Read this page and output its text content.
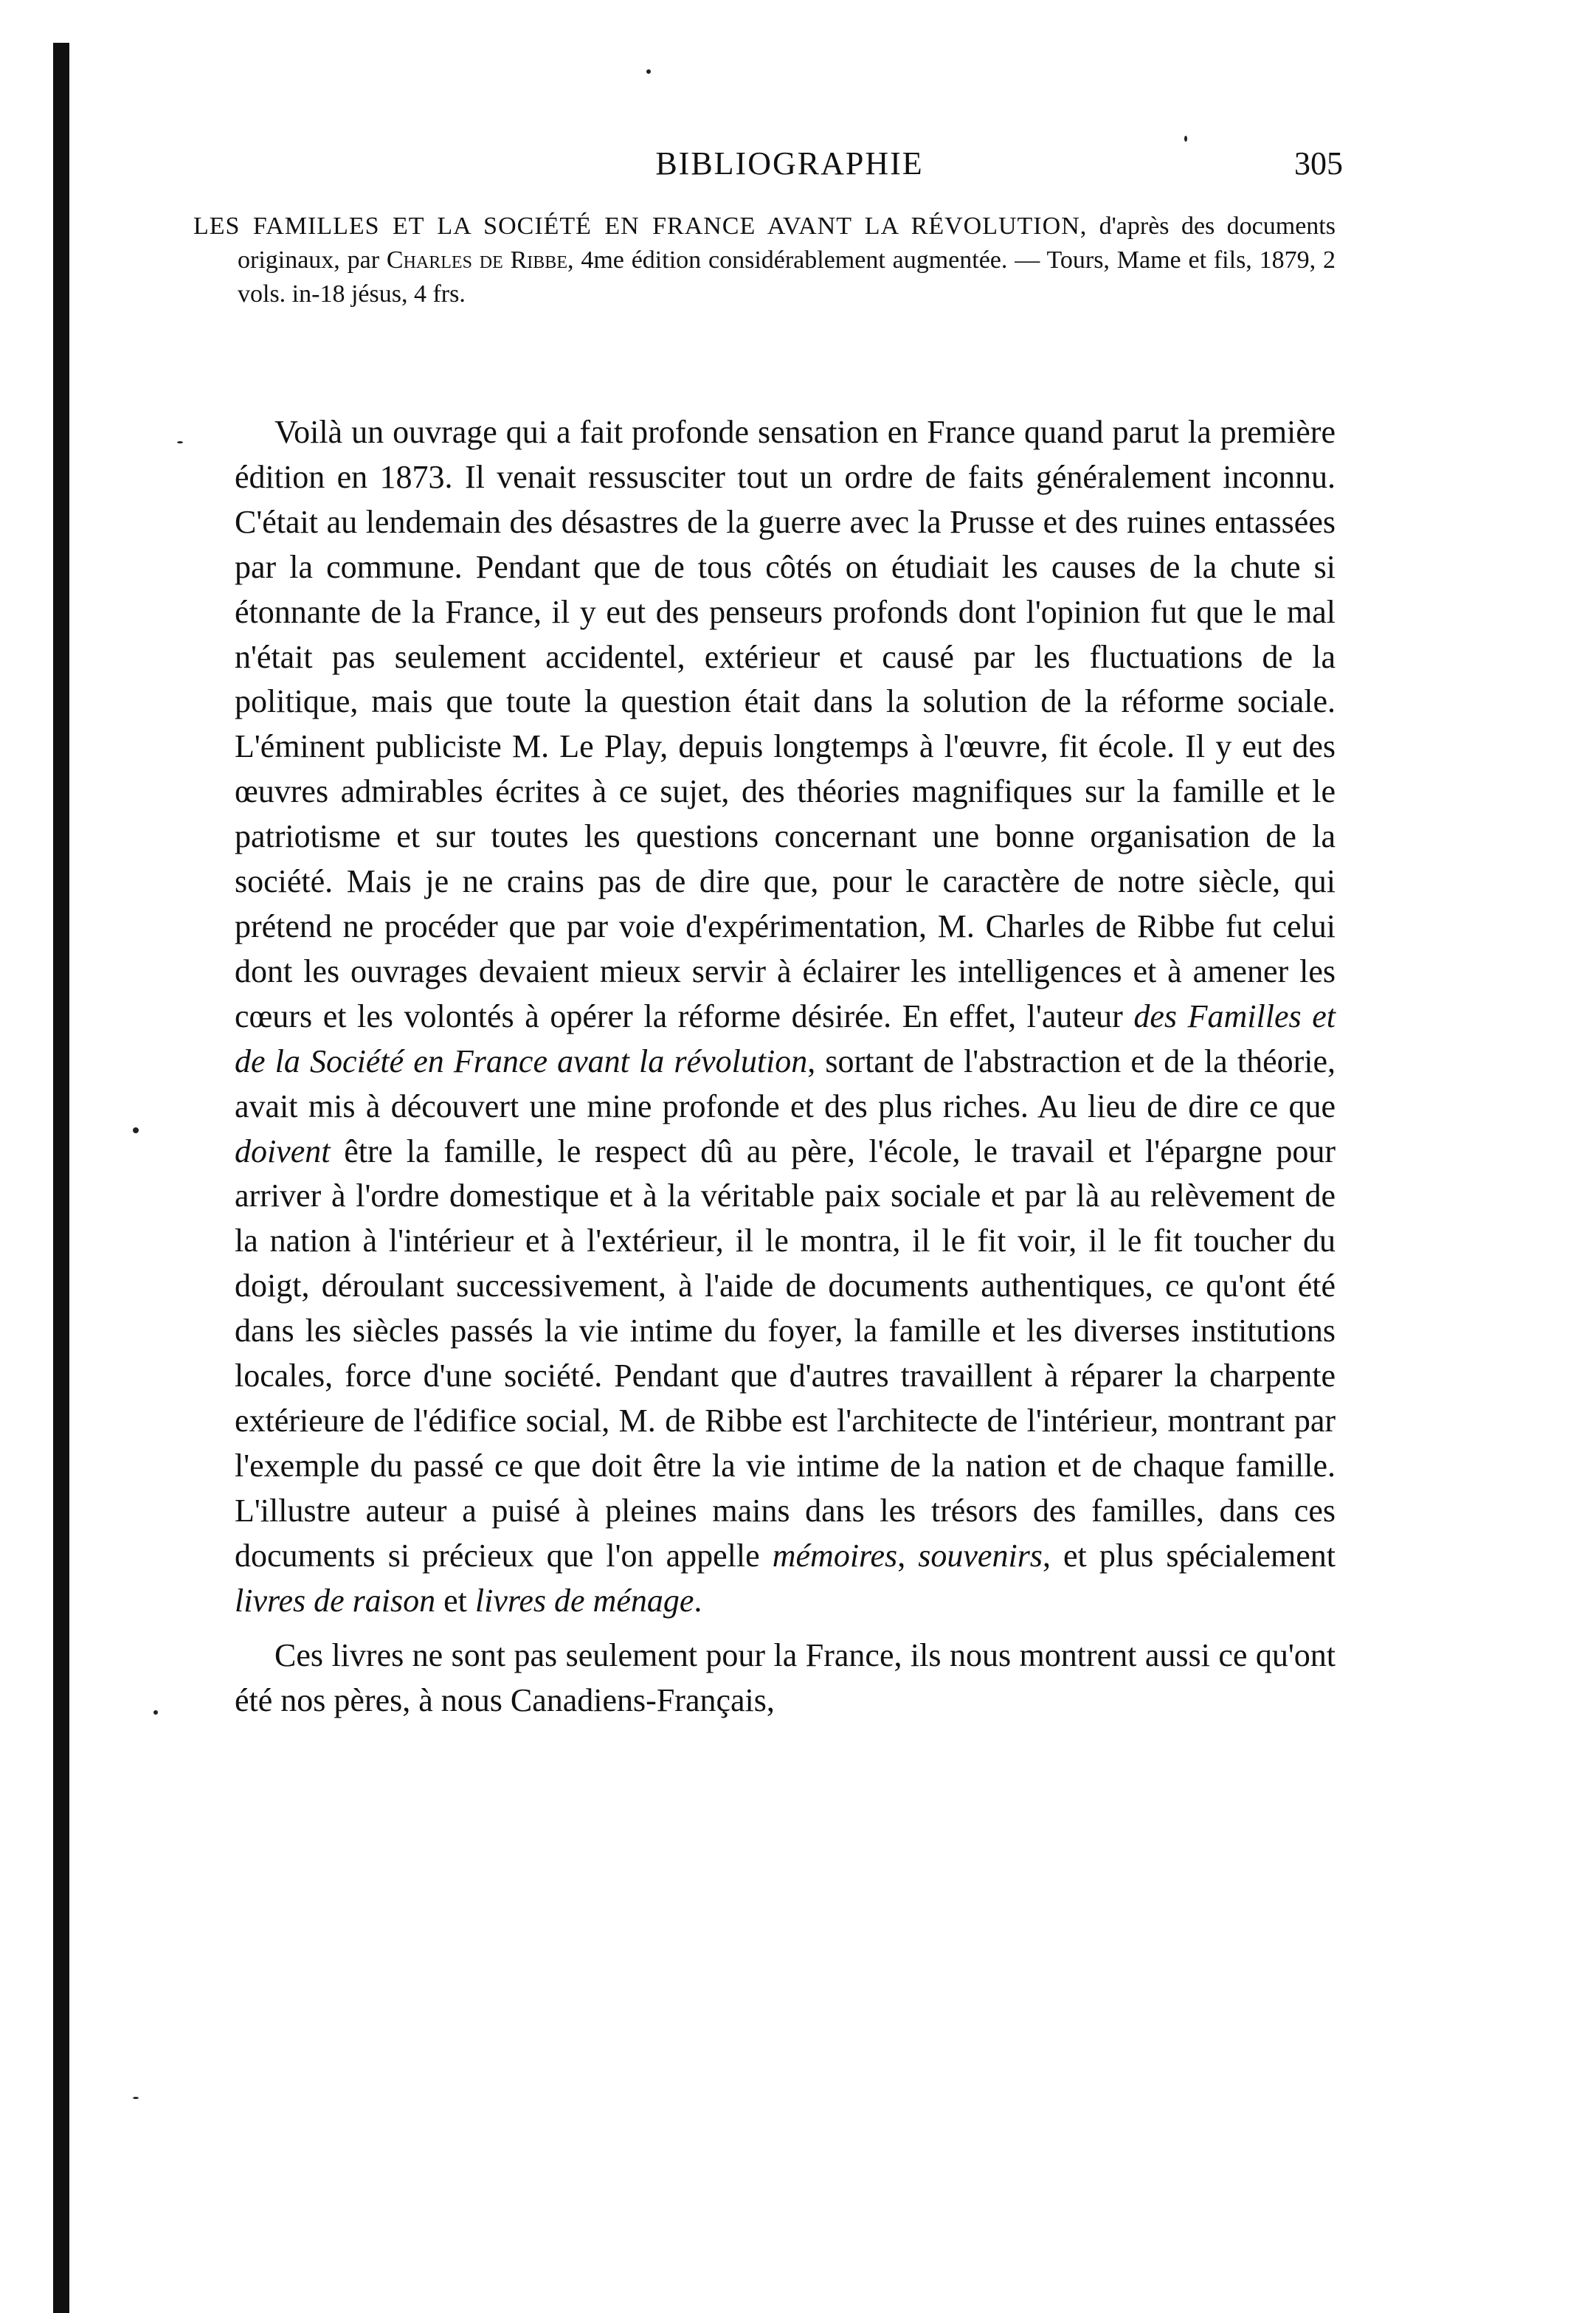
BIBLIOGRAPHIE	305
LES FAMILLES ET LA SOCIÉTÉ EN FRANCE AVANT LA RÉVOLUTION, d'après des documents originaux, par Charles de Ribbe, 4me édition considérablement augmentée. — Tours, Mame et fils, 1879, 2 vols. in-18 jésus, 4 frs.

Voilà un ouvrage qui a fait profonde sensation en France quand parut la première édition en 1873. Il venait ressusciter tout un ordre de faits généralement inconnu. C'était au lendemain des désastres de la guerre avec la Prusse et des ruines entassées par la commune. Pendant que de tous côtés on étudiait les causes de la chute si étonnante de la France, il y eut des penseurs profonds dont l'opinion fut que le mal n'était pas seulement accidentel, extérieur et causé par les fluctuations de la politique, mais que toute la question était dans la solution de la réforme sociale. L'éminent publiciste M. Le Play, depuis longtemps à l'œuvre, fit école. Il y eut des œuvres admirables écrites à ce sujet, des théories magnifiques sur la famille et le patriotisme et sur toutes les questions concernant une bonne organisation de la société. Mais je ne crains pas de dire que, pour le caractère de notre siècle, qui prétend ne procéder que par voie d'expérimentation, M. Charles de Ribbe fut celui dont les ouvrages devaient mieux servir à éclairer les intelligences et à amener les cœurs et les volontés à opérer la réforme désirée. En effet, l'auteur des Familles et de la Société en France avant la révolution, sortant de l'abstraction et de la théorie, avait mis à découvert une mine profonde et des plus riches. Au lieu de dire ce que doivent être la famille, le respect dû au père, l'école, le travail et l'épargne pour arriver à l'ordre domestique et à la véritable paix sociale et par là au relèvement de la nation à l'intérieur et à l'extérieur, il le montra, il le fit voir, il le fit toucher du doigt, déroulant successivement, à l'aide de documents authentiques, ce qu'ont été dans les siècles passés la vie intime du foyer, la famille et les diverses institutions locales, force d'une société. Pendant que d'autres travaillent à réparer la charpente extérieure de l'édifice social, M. de Ribbe est l'architecte de l'intérieur, montrant par l'exemple du passé ce que doit être la vie intime de la nation et de chaque famille. L'illustre auteur a puisé à pleines mains dans les trésors des familles, dans ces documents si précieux que l'on appelle mémoires, souvenirs, et plus spécialement livres de raison et livres de ménage.

Ces livres ne sont pas seulement pour la France, ils nous montrent aussi ce qu'ont été nos pères, à nous Canadiens-Français,
